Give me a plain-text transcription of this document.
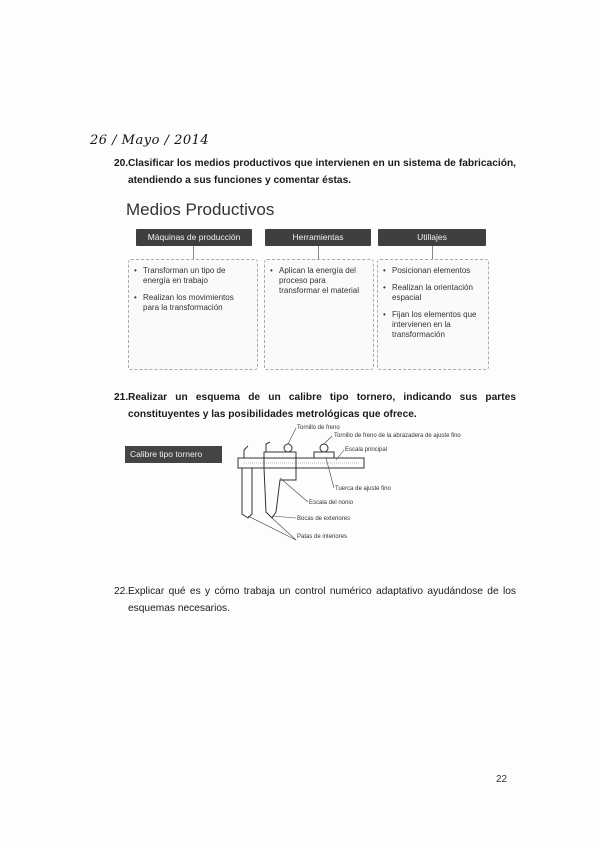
26 / Mayo / 2014
20. Clasificar los medios productivos que intervienen en un sistema de fabricación, atendiendo a sus funciones y comentar éstas.
Medios Productivos
Máquinas de producción	Herramientas	Utillajes
• Transforman un tipo de energía en trabajo
• Realizan los movimientos para la transformación
• Aplican la energía del proceso para transformar el material
• Posicionan elementos
• Realizan la orientación espacial
• Fijan los elementos que intervienen en la transformación
21. Realizar un esquema de un calibre tipo tornero, indicando sus partes constituyentes y las posibilidades metrológicas que ofrece.
Calibre tipo tornero
Tornillo de freno
Tornillo de freno de la abrazadera de ajuste fino
Escala principal
Tuerca de ajuste fino
Escala del nonio
Bocas de exteriores
Patas de interiores
22. Explicar qué es y cómo trabaja un control numérico adaptativo ayudándose de los esquemas necesarios.
22
